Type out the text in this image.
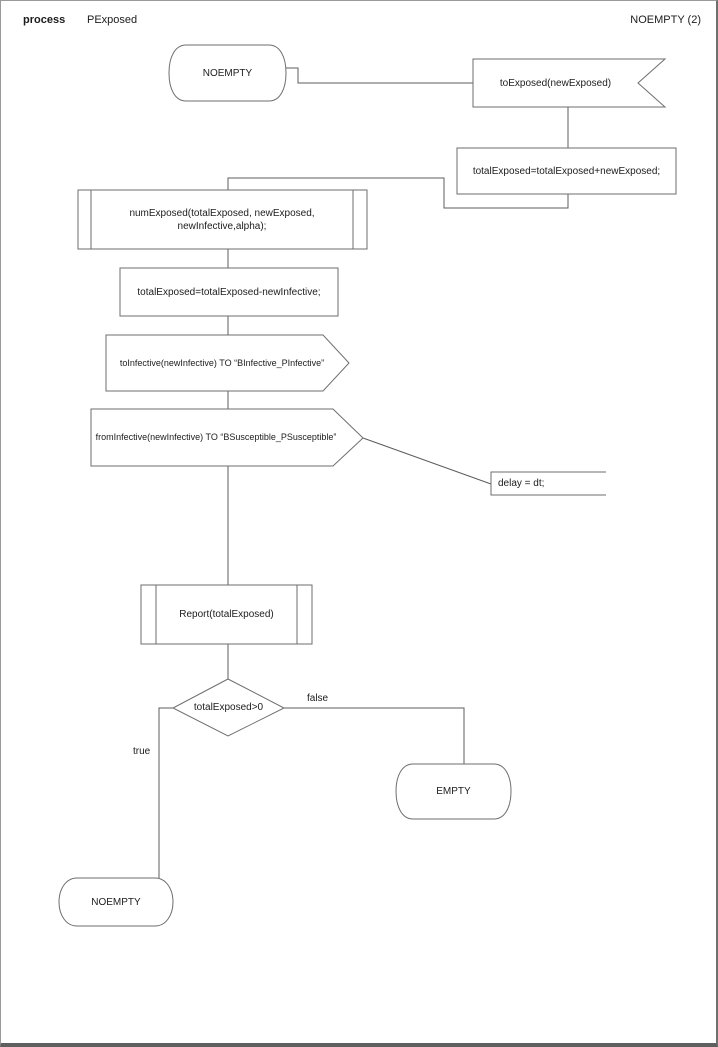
process PExposed	NOEMPTY (2)
NOEMPTY
toExposed(newExposed)
totalExposed=totalExposed+newExposed;
numExposed(totalExposed, newExposed,
newInfective,alpha);
totalExposed=totalExposed-newInfective;
toInfective(newInfective) TO “BInfective_PInfective”
fromInfective(newInfective) TO “BSusceptible_PSusceptible”
delay = dt;
Report(totalExposed)
totalExposed>0
false
true
EMPTY
NOEMPTY
